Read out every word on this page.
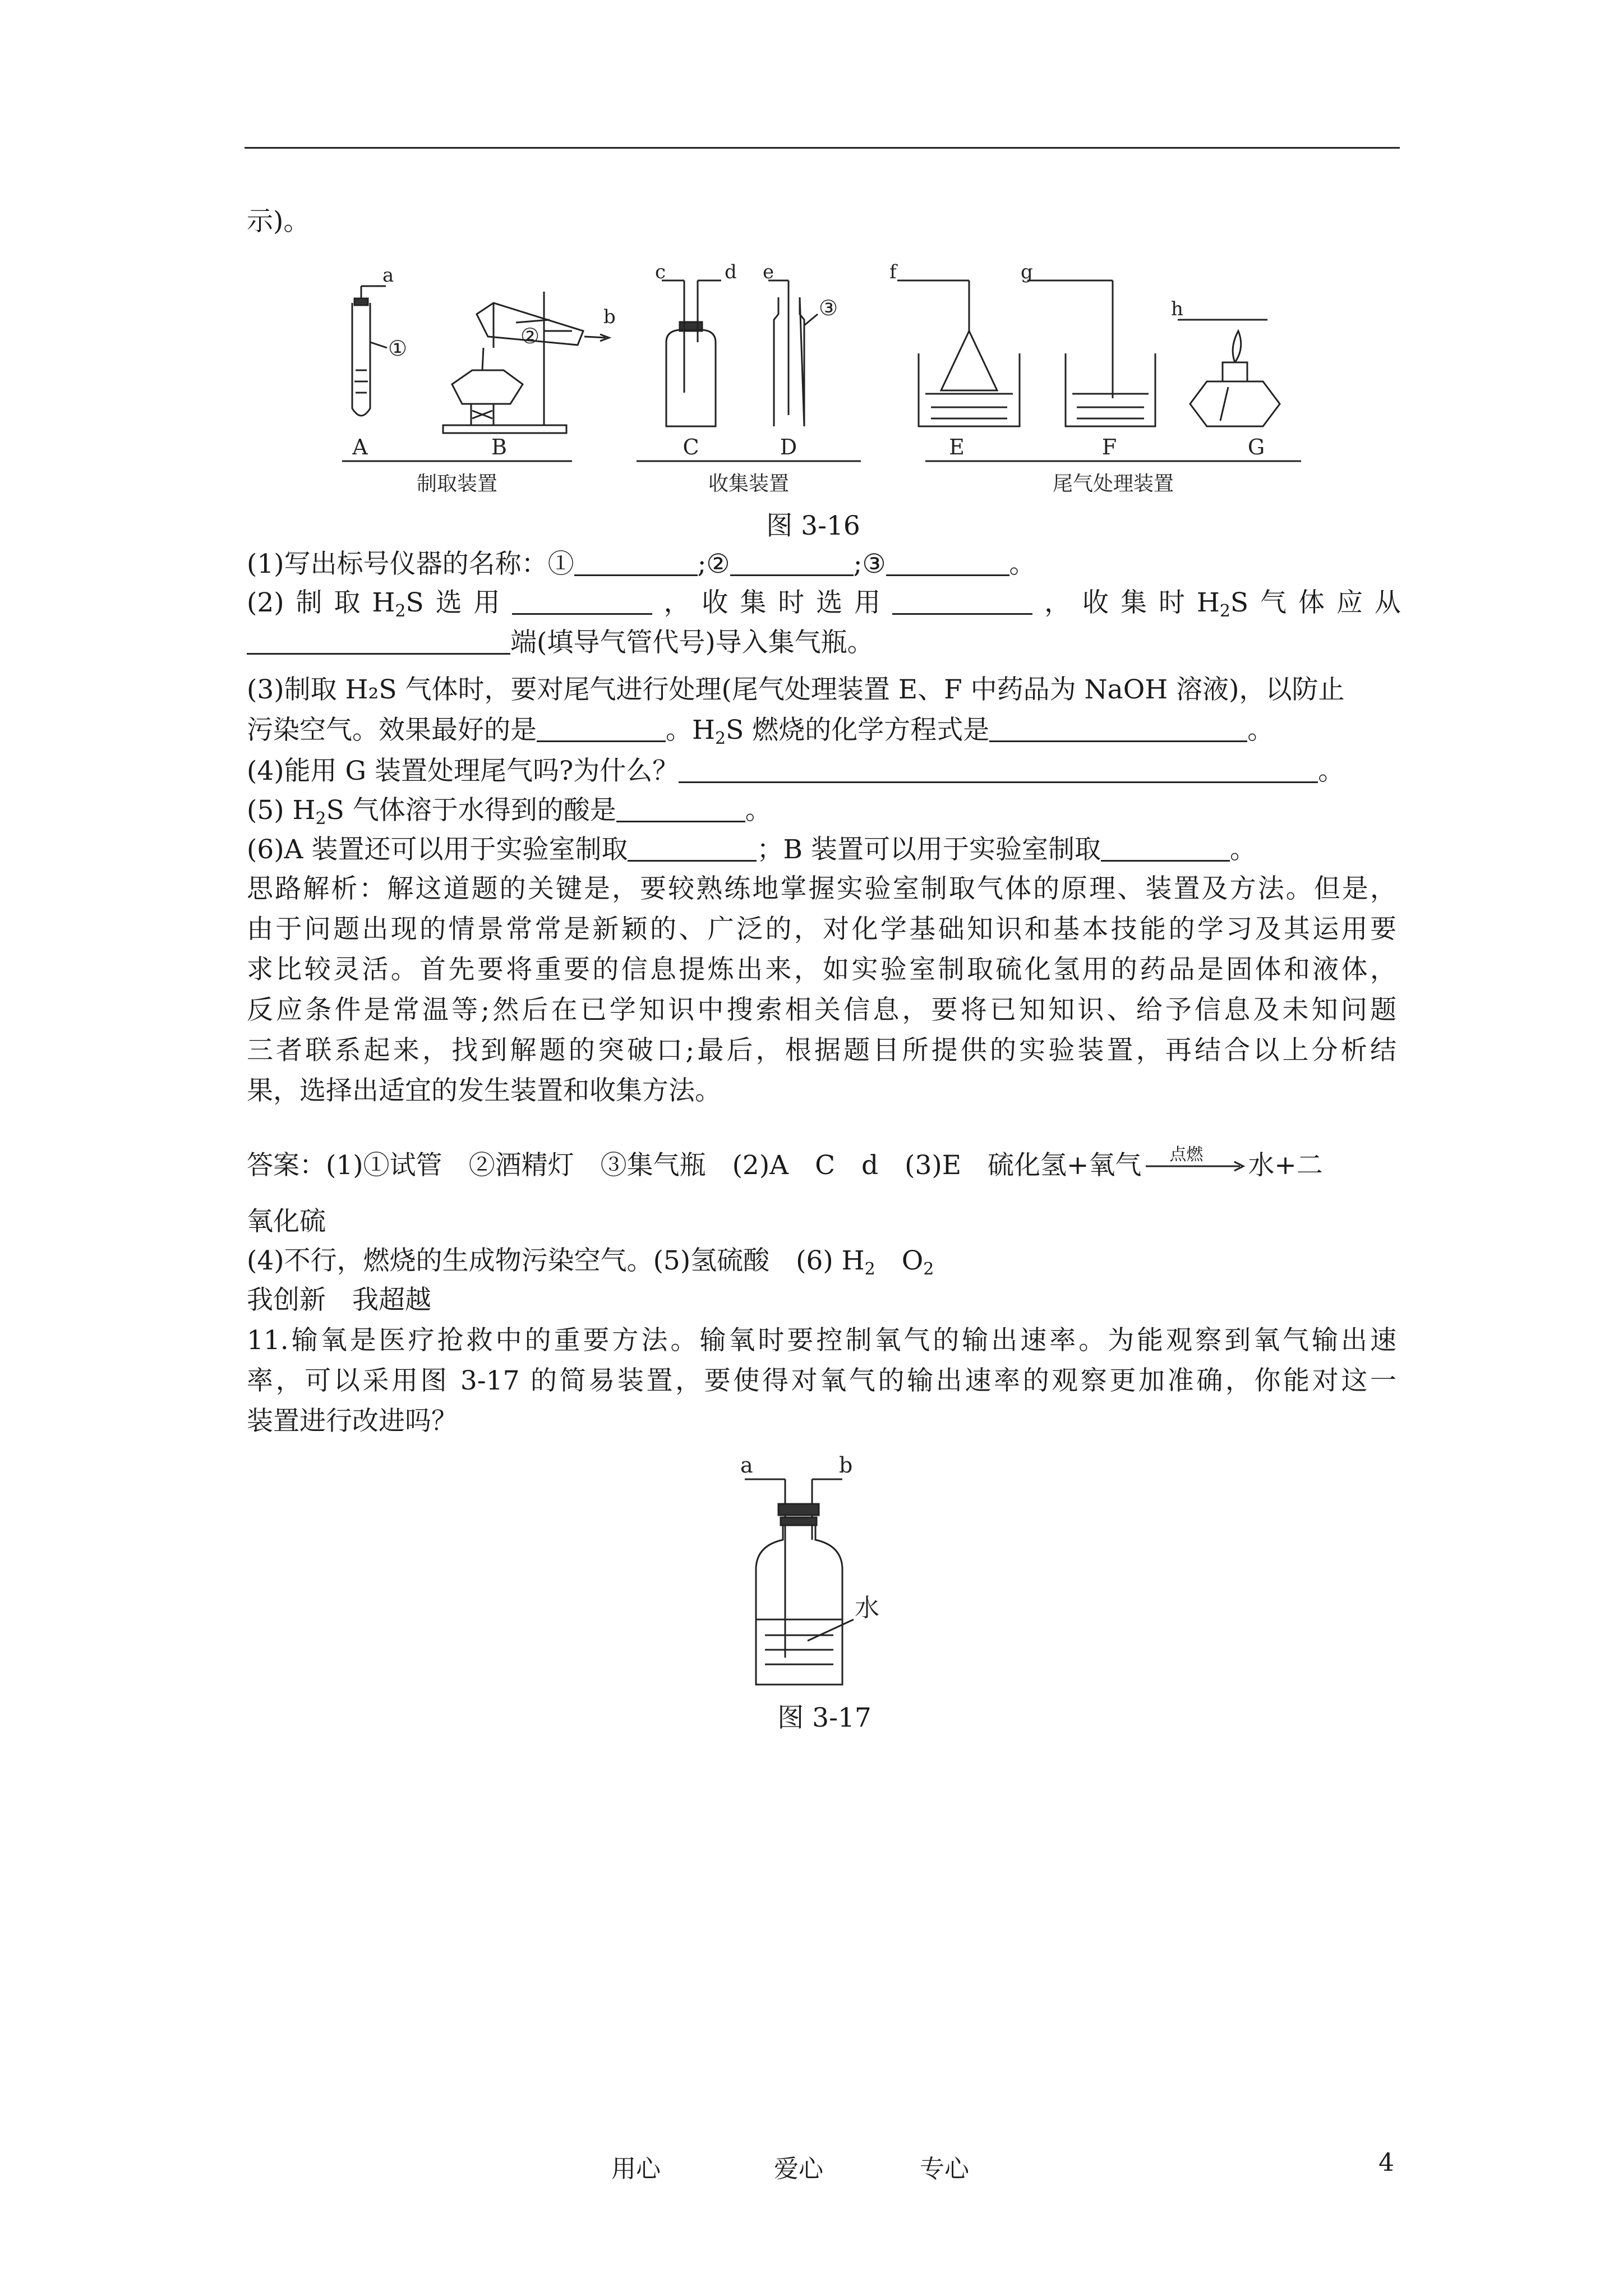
示)。
a
①
b
②
c	d e
③
f	g
h
A	B	C	D	E	F	G
制取装置	收集装置	尾气处理装置
图 3-16
(1)写出标号仪器的名称：①	;②	;③	。
(2) 制 取 $H_2S$ 选 用	， 收 集 时 选 用	， 收 集 时 $H_2S$ 气 体 应 从
端(填导气管代号)导入集气瓶。
(3)制取 H₂S 气体时，要对尾气进行处理(尾气处理装置 E、F 中药品为 NaOH 溶液)，以防止
污染空气。效果最好的是	。$H_2S$ 燃烧的化学方程式是	。
(4)能用 G 装置处理尾气吗?为什么？	。
(5) $H_2S$ 气体溶于水得到的酸是	。
(6)A 装置还可以用于实验室制取	；B 装置可以用于实验室制取	。
思路解析：解这道题的关键是，要较熟练地掌握实验室制取气体的原理、装置及方法。但是，
由于问题出现的情景常常是新颖的、广泛的，对化学基础知识和基本技能的学习及其运用要
求比较灵活。首先要将重要的信息提炼出来，如实验室制取硫化氢用的药品是固体和液体，
反应条件是常温等;然后在已学知识中搜索相关信息，要将已知知识、给予信息及未知问题
三者联系起来，找到解题的突破口;最后，根据题目所提供的实验装置，再结合以上分析结
果，选择出适宜的发生装置和收集方法。
答案：(1)①试管　②酒精灯　③集气瓶　(2)A　C　d　(3)E　硫化氢+氧气 点燃 水+二
氧化硫
(4)不行，燃烧的生成物污染空气。(5)氢硫酸　(6) $H_2$　 $O_2$
我创新　我超越
11.输氧是医疗抢救中的重要方法。输氧时要控制氧气的输出速率。为能观察到氧气输出速
率，可以采用图 3-17 的简易装置，要使得对氧气的输出速率的观察更加准确，你能对这一
装置进行改进吗？
a	b
水
图 3-17
用心	爱心	专心	4
